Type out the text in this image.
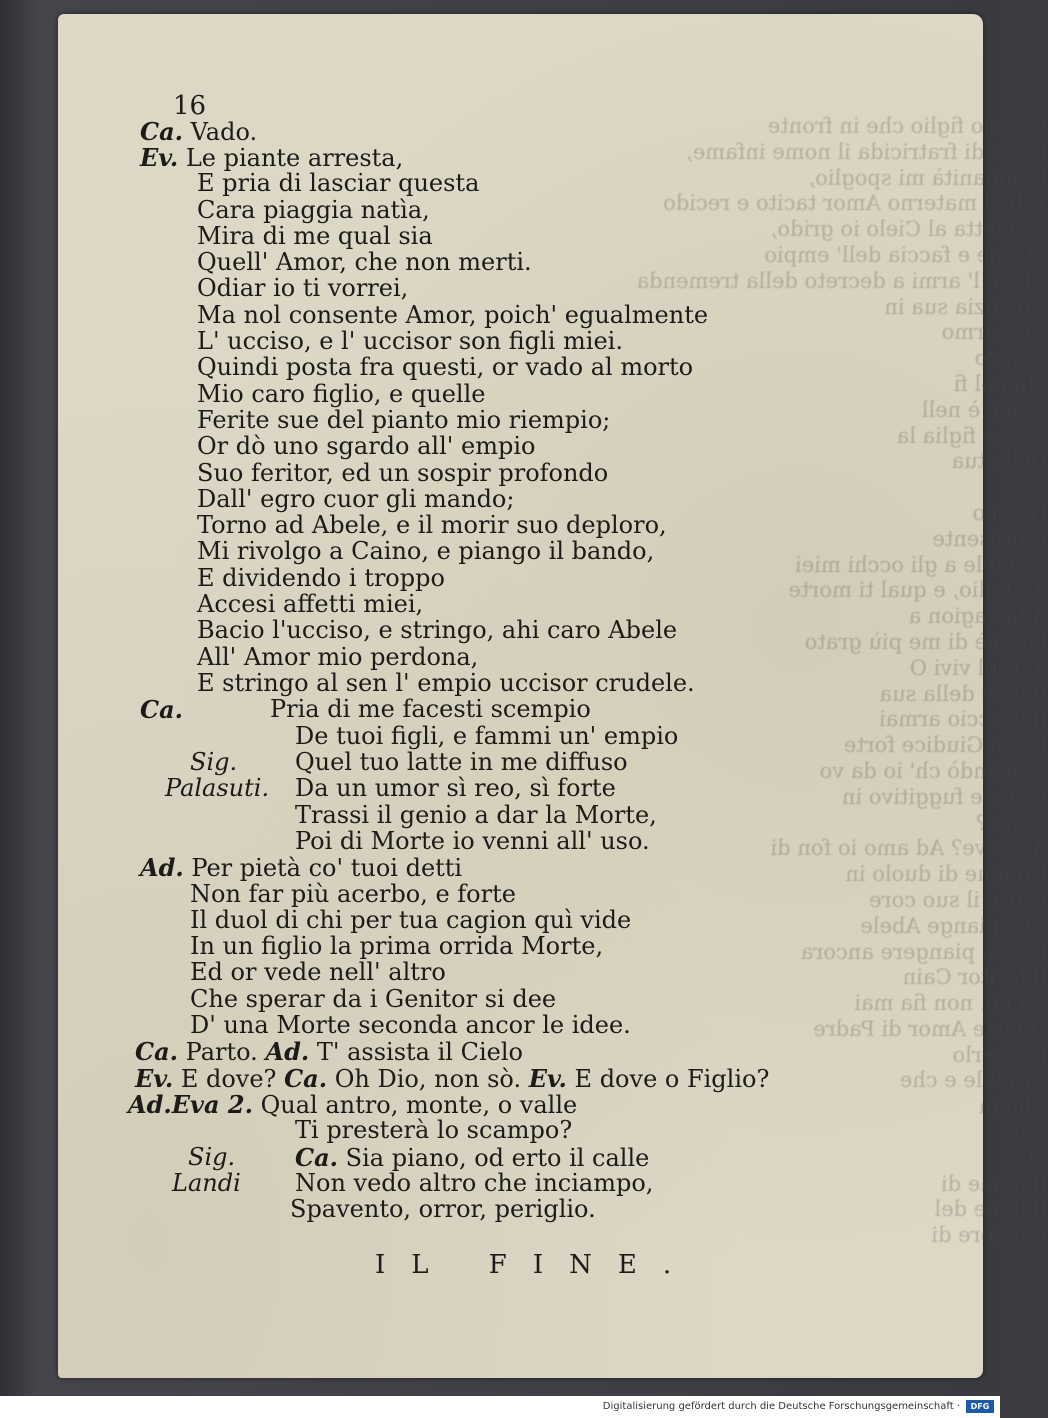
Un mio figlio che in fronte
Porta di fratricida il nome infame,
D' umanità mi spoglio,
Tali al materno Amor tacito e recido
Vendetta al Cielo io grido,
Strage e faccia dell' empio
Ch' io l' armi a decreto della tremenda
Giustizia sua in
Non armo
Contro
Ma nol fi
Come è nell
Così e figlia la
Della tua

Hi loco
E presente
Crudele a gli occhi miei
Ah figlio, e qual ti morte
Alta cagion a
Perchè di me più grato
Al Ciel vivi O
Invido della sua
Il braccio armai
E Dio Giudice forte
Comandò ch' io da vo
Esule e fuggitivo in
Come?
Ah dove? Ad amo io fon di
Dunque di duolo in
Padre il suo core
Che piange Abele
Dovea piangere ancora
Il feritor Cain
Ah no, non fia mai
O forte Amor di Padre
D' averlo
Crudele e che
Che in
Sol
Ma
Il nome di
Il lume del
E orrore di
16
Ca. Vado.
Ev. Le piante arresta,
E pria di lasciar questa
Cara piaggia natìa,
Mira di me qual sia
Quell' Amor, che non merti.
Odiar io ti vorrei,
Ma nol consente Amor, poich' egualmente
L' ucciso, e l' uccisor son figli miei.
Quindi posta fra questi, or vado al morto
Mio caro figlio, e quelle
Ferite sue del pianto mio riempio;
Or dò uno sgardo all' empio
Suo feritor, ed un sospir profondo
Dall' egro cuor gli mando;
Torno ad Abele, e il morir suo deploro,
Mi rivolgo a Caino, e piango il bando,
E dividendo i troppo
Accesi affetti miei,
Bacio l'ucciso, e stringo, ahi caro Abele
All' Amor mio perdona,
E stringo al sen l' empio uccisor crudele.
Ca.	Pria di me facesti scempio
De tuoi figli, e fammi un' empio
Sig. Quel tuo latte in me diffuso
Palasuti. Da un umor sì reo, sì forte
Trassi il genio a dar la Morte,
Poi di Morte io venni all' uso.
Ad. Per pietà co' tuoi detti
Non far più acerbo, e forte
Il duol di chi per tua cagion quì vide
In un figlio la prima orrida Morte,
Ed or vede nell' altro
Che sperar da i Genitor si dee
D' una Morte seconda ancor le idee.
Ca. Parto. Ad. T' assista il Cielo
Ev. E dove? Ca. Oh Dio, non sò. Ev. E dove o Figlio?
Ad.Eva 2. Qual antro, monte, o valle
Ti presterà lo scampo?
Sig. Ca. Sia piano, od erto il calle
Landi Non vedo altro che inciampo,
Spavento, orror, periglio.
IL FINE.
Digitalisierung gefördert durch die Deutsche Forschungsgemeinschaft ·	DFG
